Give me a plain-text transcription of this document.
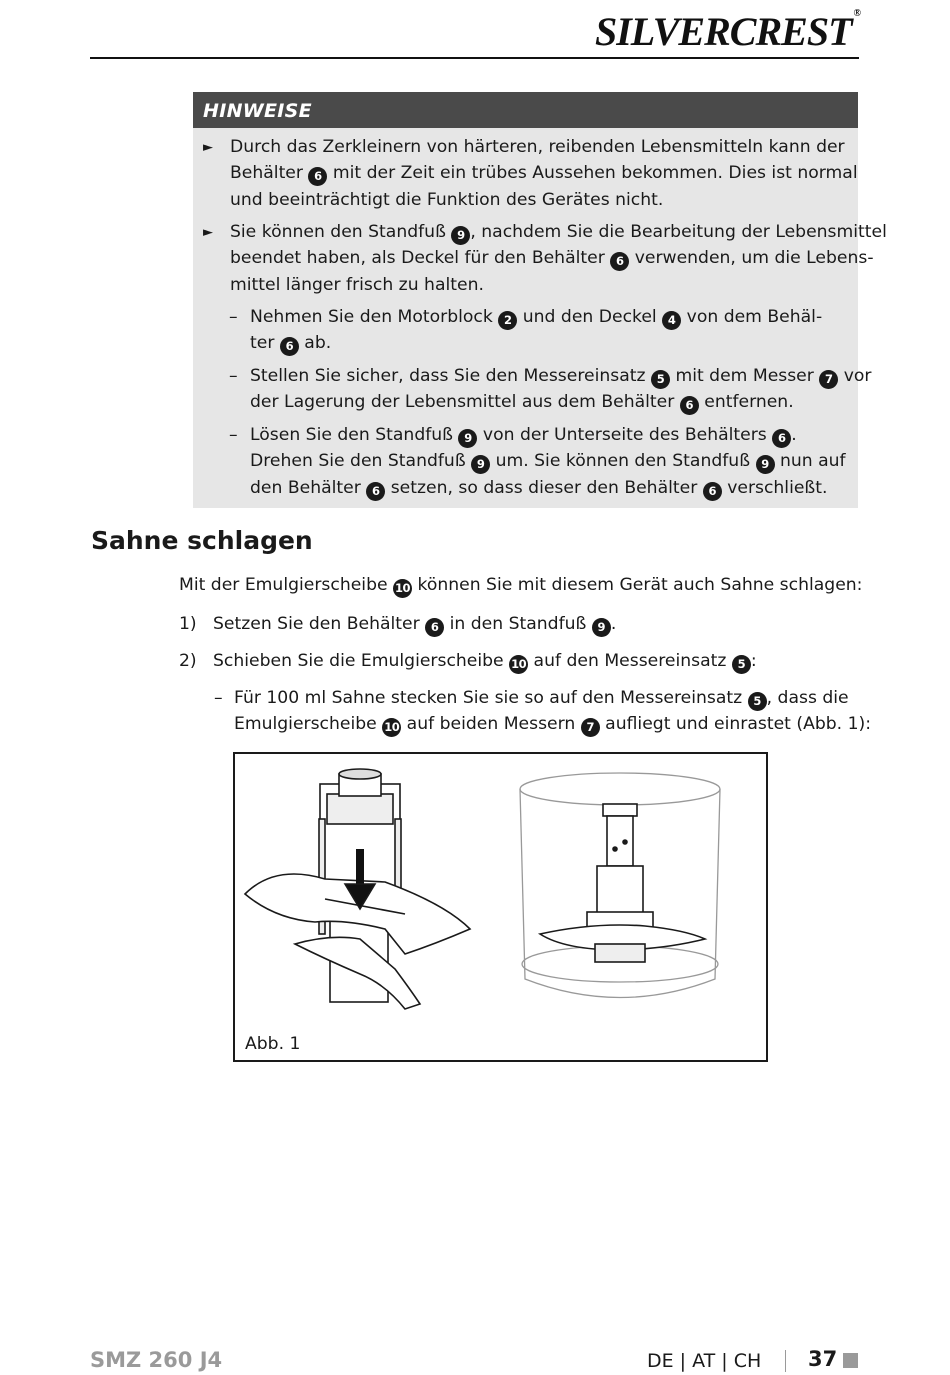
SILVERCREST ®
HINWEISE
► Durch das Zerkleinern von härteren, reibenden Lebensmitteln kann der
Behälter 6 mit der Zeit ein trübes Aussehen bekommen. Dies ist normal
und beeinträchtigt die Funktion des Gerätes nicht.
► Sie können den Standfuß 9 , nachdem Sie die Bearbeitung der Lebensmittel
beendet haben, als Deckel für den Behälter 6 verwenden, um die Lebens-
mittel länger frisch zu halten.
– Nehmen Sie den Motorblock 2 und den Deckel 4 von dem Behäl-
ter 6 ab.
– Stellen Sie sicher, dass Sie den Messereinsatz 5 mit dem Messer 7 vor
der Lagerung der Lebensmittel aus dem Behälter 6 entfernen.
– Lösen Sie den Standfuß 9 von der Unterseite des Behälters 6 .
Drehen Sie den Standfuß 9 um. Sie können den Standfuß 9 nun auf
den Behälter 6 setzen, so dass dieser den Behälter 6 verschließt.
Sahne schlagen
Mit der Emulgierscheibe 10 können Sie mit diesem Gerät auch Sahne schlagen:
1) Setzen Sie den Behälter 6 in den Standfuß 9 .
2) Schieben Sie die Emulgierscheibe 10 auf den Messereinsatz 5 :
– Für 100 ml Sahne stecken Sie sie so auf den Messereinsatz 5 , dass die
Emulgierscheibe 10 auf beiden Messern 7 aufliegt und einrastet (Abb. 1):
Abb. 1
SMZ 260 J4	DE | AT | CH 37
